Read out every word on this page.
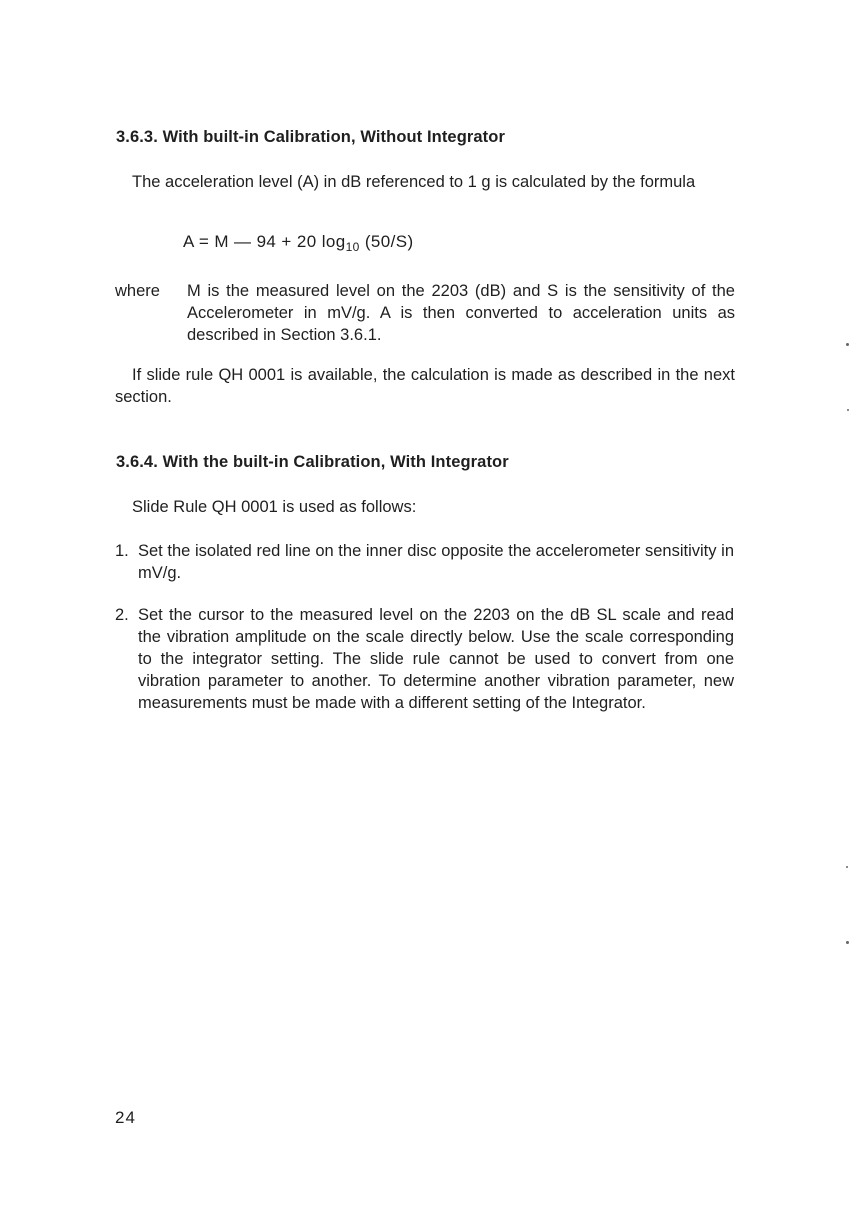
3.6.3. With built-in Calibration, Without Integrator

The acceleration level (A) in dB referenced to 1 g is calculated by the formula

A = M — 94 + 20 $\log_{10} (50/S)$

where M is the measured level on the 2203 (dB) and S is the sensitivity of the Accelerometer in mV/g. A is then converted to acceleration units as described in Section 3.6.1.

If slide rule QH 0001 is available, the calculation is made as described in the next section.

3.6.4. With the built-in Calibration, With Integrator

Slide Rule QH 0001 is used as follows:

1. Set the isolated red line on the inner disc opposite the accelerometer sensitivity in mV/g.

2. Set the cursor to the measured level on the 2203 on the dB SL scale and read the vibration amplitude on the scale directly below. Use the scale corresponding to the integrator setting. The slide rule cannot be used to convert from one vibration parameter to another. To determine another vibration parameter, new measurements must be made with a different setting of the Integrator.

24
